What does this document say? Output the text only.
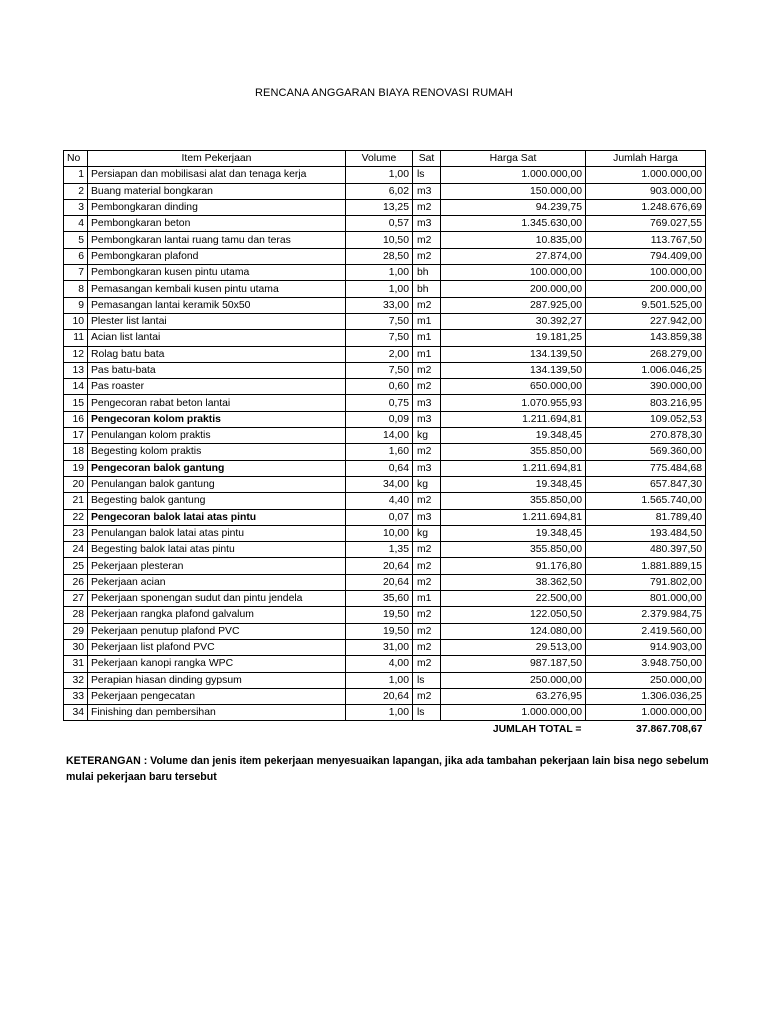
RENCANA ANGGARAN BIAYA RENOVASI RUMAH
No	Item Pekerjaan	Volume	Sat	Harga Sat	Jumlah Harga
1	Persiapan dan mobilisasi alat dan tenaga kerja	1,00	ls	1.000.000,00	1.000.000,00
2	Buang material bongkaran	6,02	m3	150.000,00	903.000,00
3	Pembongkaran dinding	13,25	m2	94.239,75	1.248.676,69
4	Pembongkaran beton	0,57	m3	1.345.630,00	769.027,55
5	Pembongkaran lantai ruang tamu dan teras	10,50	m2	10.835,00	113.767,50
6	Pembongkaran plafond	28,50	m2	27.874,00	794.409,00
7	Pembongkaran kusen pintu utama	1,00	bh	100.000,00	100.000,00
8	Pemasangan kembali kusen pintu utama	1,00	bh	200.000,00	200.000,00
9	Pemasangan lantai keramik 50x50	33,00	m2	287.925,00	9.501.525,00
10	Plester list lantai	7,50	m1	30.392,27	227.942,00
11	Acian list lantai	7,50	m1	19.181,25	143.859,38
12	Rolag batu bata	2,00	m1	134.139,50	268.279,00
13	Pas batu-bata	7,50	m2	134.139,50	1.006.046,25
14	Pas roaster	0,60	m2	650.000,00	390.000,00
15	Pengecoran rabat beton lantai	0,75	m3	1.070.955,93	803.216,95
16	Pengecoran kolom praktis	0,09	m3	1.211.694,81	109.052,53
17	Penulangan kolom praktis	14,00	kg	19.348,45	270.878,30
18	Begesting kolom praktis	1,60	m2	355.850,00	569.360,00
19	Pengecoran balok gantung	0,64	m3	1.211.694,81	775.484,68
20	Penulangan balok gantung	34,00	kg	19.348,45	657.847,30
21	Begesting balok gantung	4,40	m2	355.850,00	1.565.740,00
22	Pengecoran balok latai atas pintu	0,07	m3	1.211.694,81	81.789,40
23	Penulangan balok latai atas pintu	10,00	kg	19.348,45	193.484,50
24	Begesting balok latai atas pintu	1,35	m2	355.850,00	480.397,50
25	Pekerjaan plesteran	20,64	m2	91.176,80	1.881.889,15
26	Pekerjaan acian	20,64	m2	38.362,50	791.802,00
27	Pekerjaan sponengan sudut dan pintu jendela	35,60	m1	22.500,00	801.000,00
28	Pekerjaan rangka plafond galvalum	19,50	m2	122.050,50	2.379.984,75
29	Pekerjaan penutup plafond PVC	19,50	m2	124.080,00	2.419.560,00
30	Pekerjaan list plafond PVC	31,00	m2	29.513,00	914.903,00
31	Pekerjaan kanopi rangka WPC	4,00	m2	987.187,50	3.948.750,00
32	Perapian hiasan dinding gypsum	1,00	ls	250.000,00	250.000,00
33	Pekerjaan pengecatan	20,64	m2	63.276,95	1.306.036,25
34	Finishing dan pembersihan	1,00	ls	1.000.000,00	1.000.000,00
		JUMLAH TOTAL =			37.867.708,67
KETERANGAN : Volume dan jenis item pekerjaan menyesuaikan lapangan, jika ada tambahan pekerjaan lain bisa nego sebelum mulai pekerjaan baru tersebut
